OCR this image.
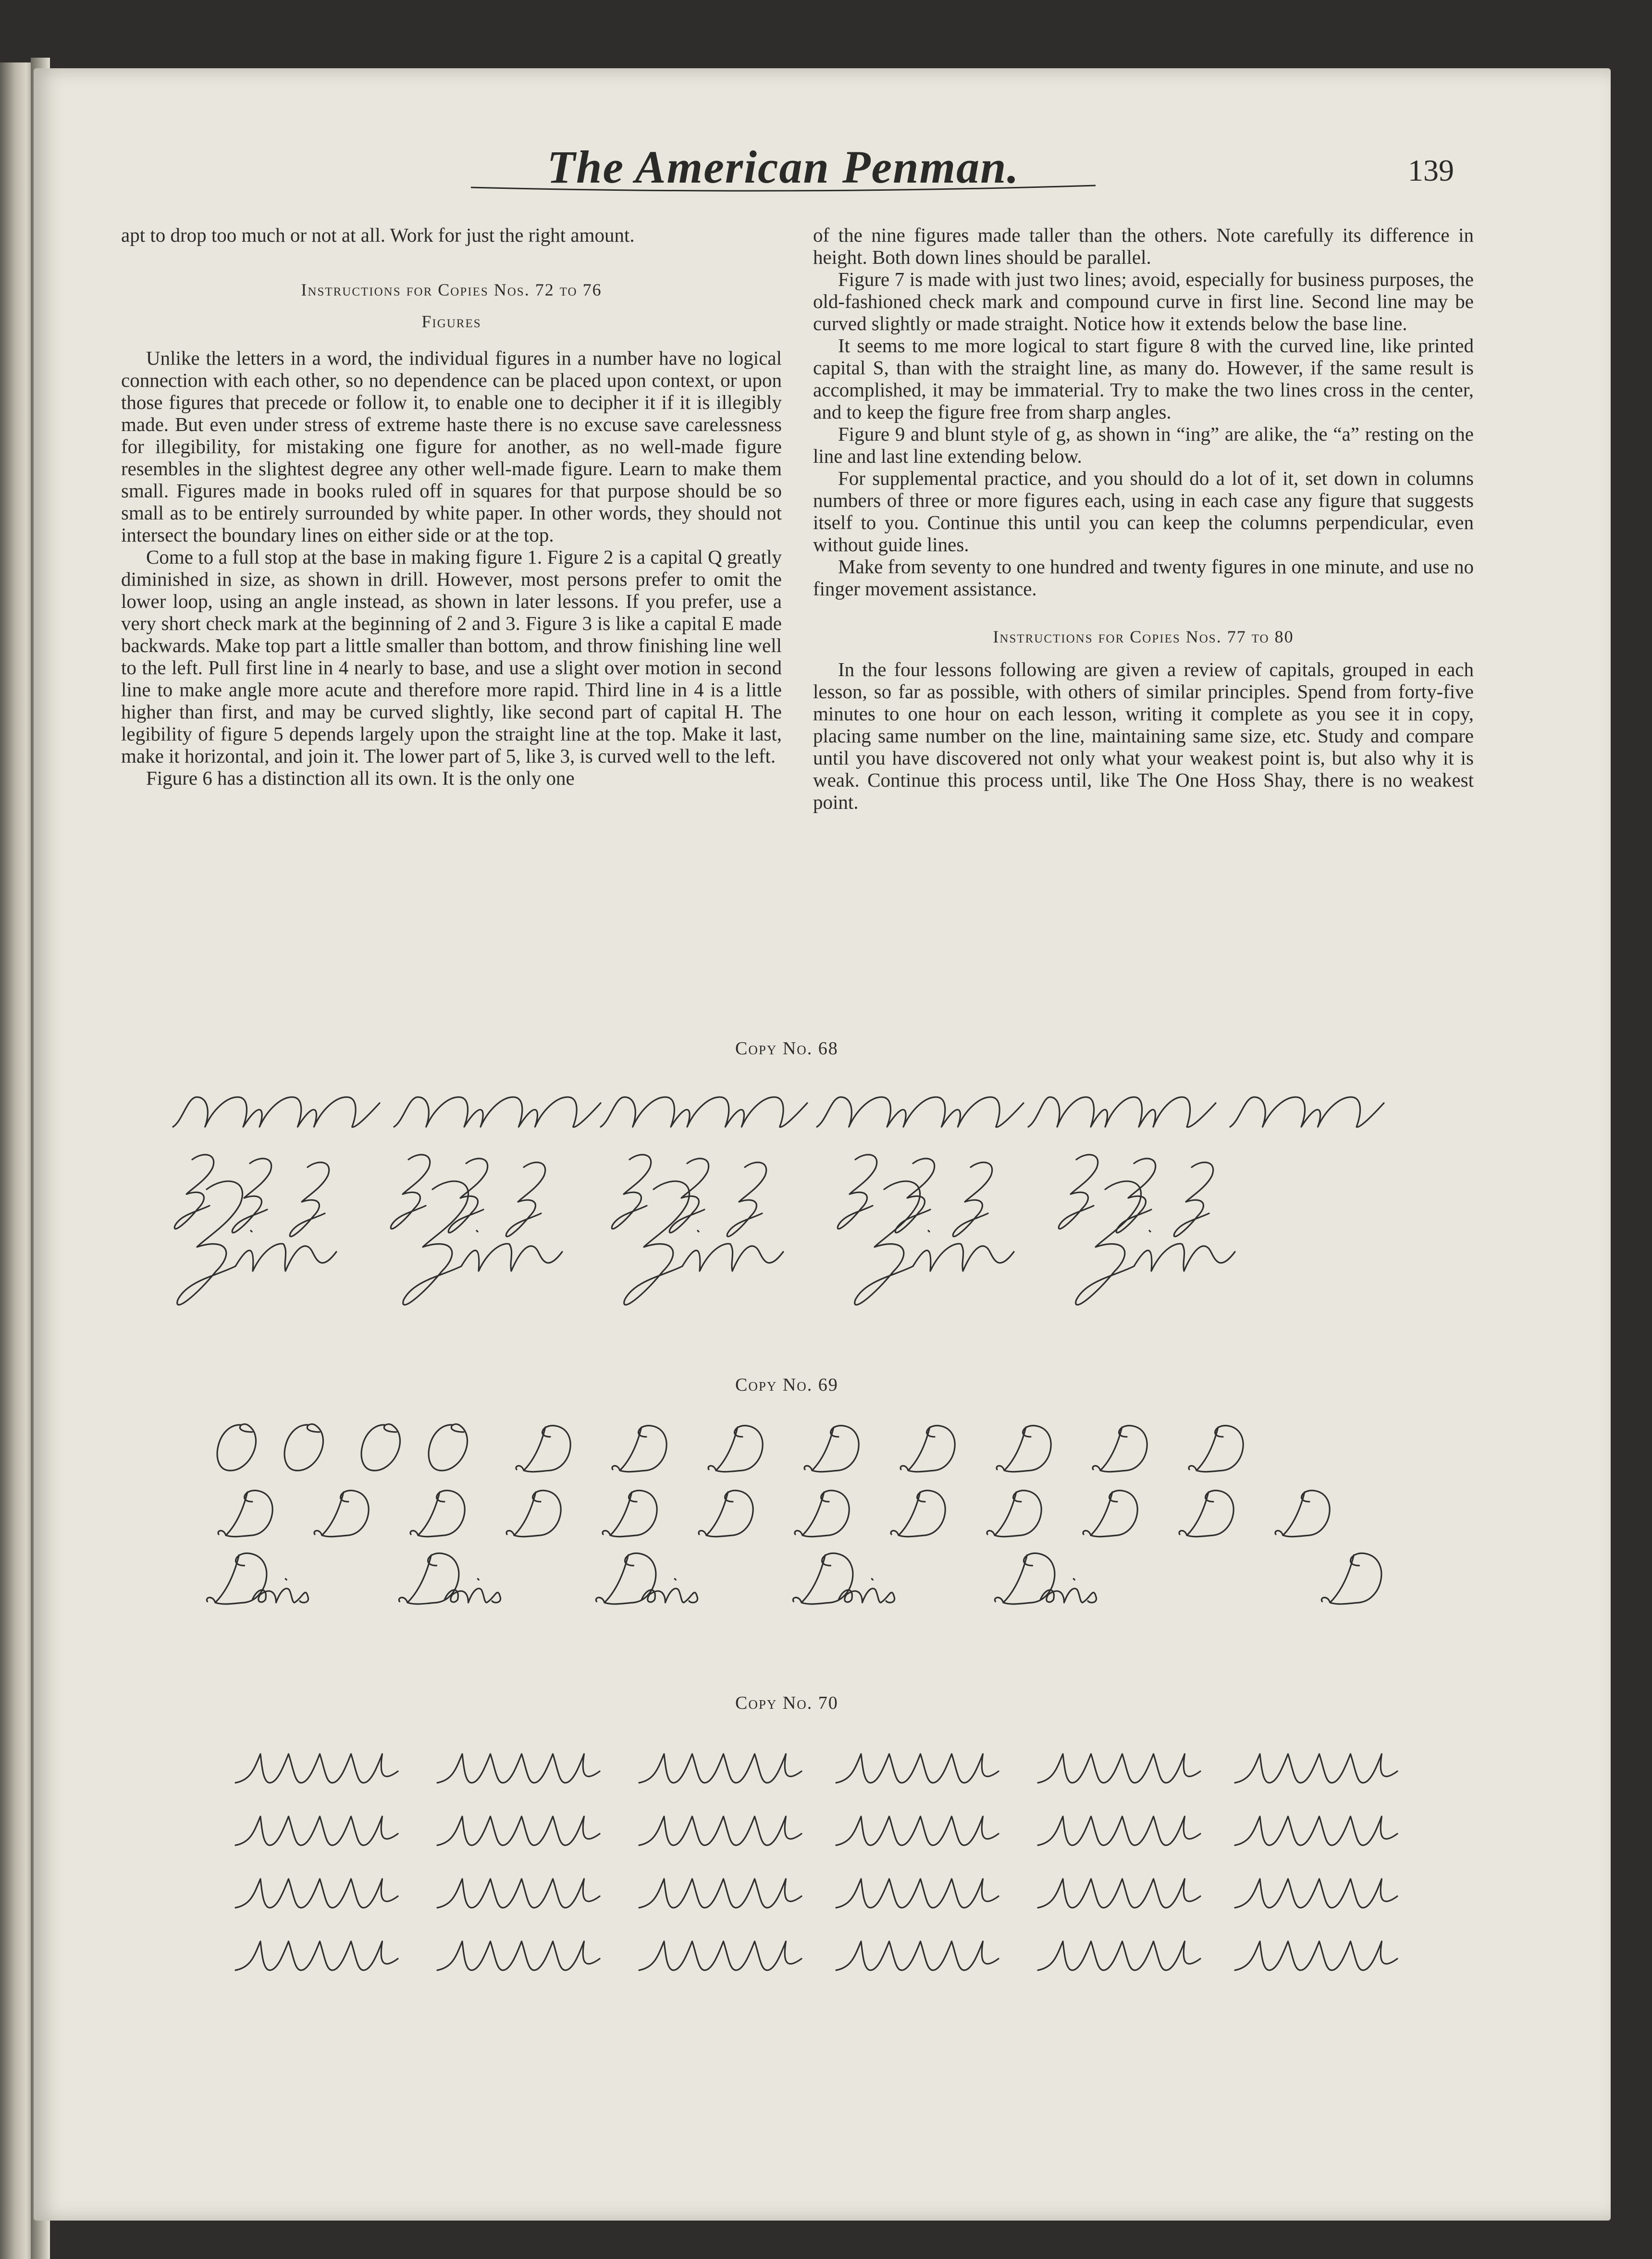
The American Penman.	139

apt to drop too much or not at all. Work for just the right amount.

Instructions for Copies Nos. 72 to 76
Figures

Unlike the letters in a word, the individual figures in a number have no logical connection with each other, so no dependence can be placed upon context, or upon those figures that precede or follow it, to enable one to decipher it if it is illegibly made. But even under stress of extreme haste there is no excuse save carelessness for illegibility, for mistaking one figure for another, as no well-made figure resembles in the slightest degree any other well-made figure. Learn to make them small. Figures made in books ruled off in squares for that purpose should be so small as to be entirely surrounded by white paper. In other words, they should not intersect the boundary lines on either side or at the top.

Come to a full stop at the base in making figure 1. Figure 2 is a capital Q greatly diminished in size, as shown in drill. However, most persons prefer to omit the lower loop, using an angle instead, as shown in later lessons. If you prefer, use a very short check mark at the beginning of 2 and 3. Figure 3 is like a capital E made backwards. Make top part a little smaller than bottom, and throw finishing line well to the left. Pull first line in 4 nearly to base, and use a slight over motion in second line to make angle more acute and therefore more rapid. Third line in 4 is a little higher than first, and may be curved slightly, like second part of capital H. The legibility of figure 5 depends largely upon the straight line at the top. Make it last, make it horizontal, and join it. The lower part of 5, like 3, is curved well to the left.

Figure 6 has a distinction all its own. It is the only one

of the nine figures made taller than the others. Note carefully its difference in height. Both down lines should be parallel.

Figure 7 is made with just two lines; avoid, especially for business purposes, the old-fashioned check mark and compound curve in first line. Second line may be curved slightly or made straight. Notice how it extends below the base line.

It seems to me more logical to start figure 8 with the curved line, like printed capital S, than with the straight line, as many do. However, if the same result is accomplished, it may be immaterial. Try to make the two lines cross in the center, and to keep the figure free from sharp angles.

Figure 9 and blunt style of g, as shown in “ing” are alike, the “a” resting on the line and last line extending below.

For supplemental practice, and you should do a lot of it, set down in columns numbers of three or more figures each, using in each case any figure that suggests itself to you. Continue this until you can keep the columns perpendicular, even without guide lines.

Make from seventy to one hundred and twenty figures in one minute, and use no finger movement assistance.

Instructions for Copies Nos. 77 to 80

In the four lessons following are given a review of capitals, grouped in each lesson, so far as possible, with others of similar principles. Spend from forty-five minutes to one hour on each lesson, writing it complete as you see it in copy, placing same number on the line, maintaining same size, etc. Study and compare until you have discovered not only what your weakest point is, but also why it is weak. Continue this process until, like The One Hoss Shay, there is no weakest point.

Copy No. 68
Copy No. 69
Copy No. 70
